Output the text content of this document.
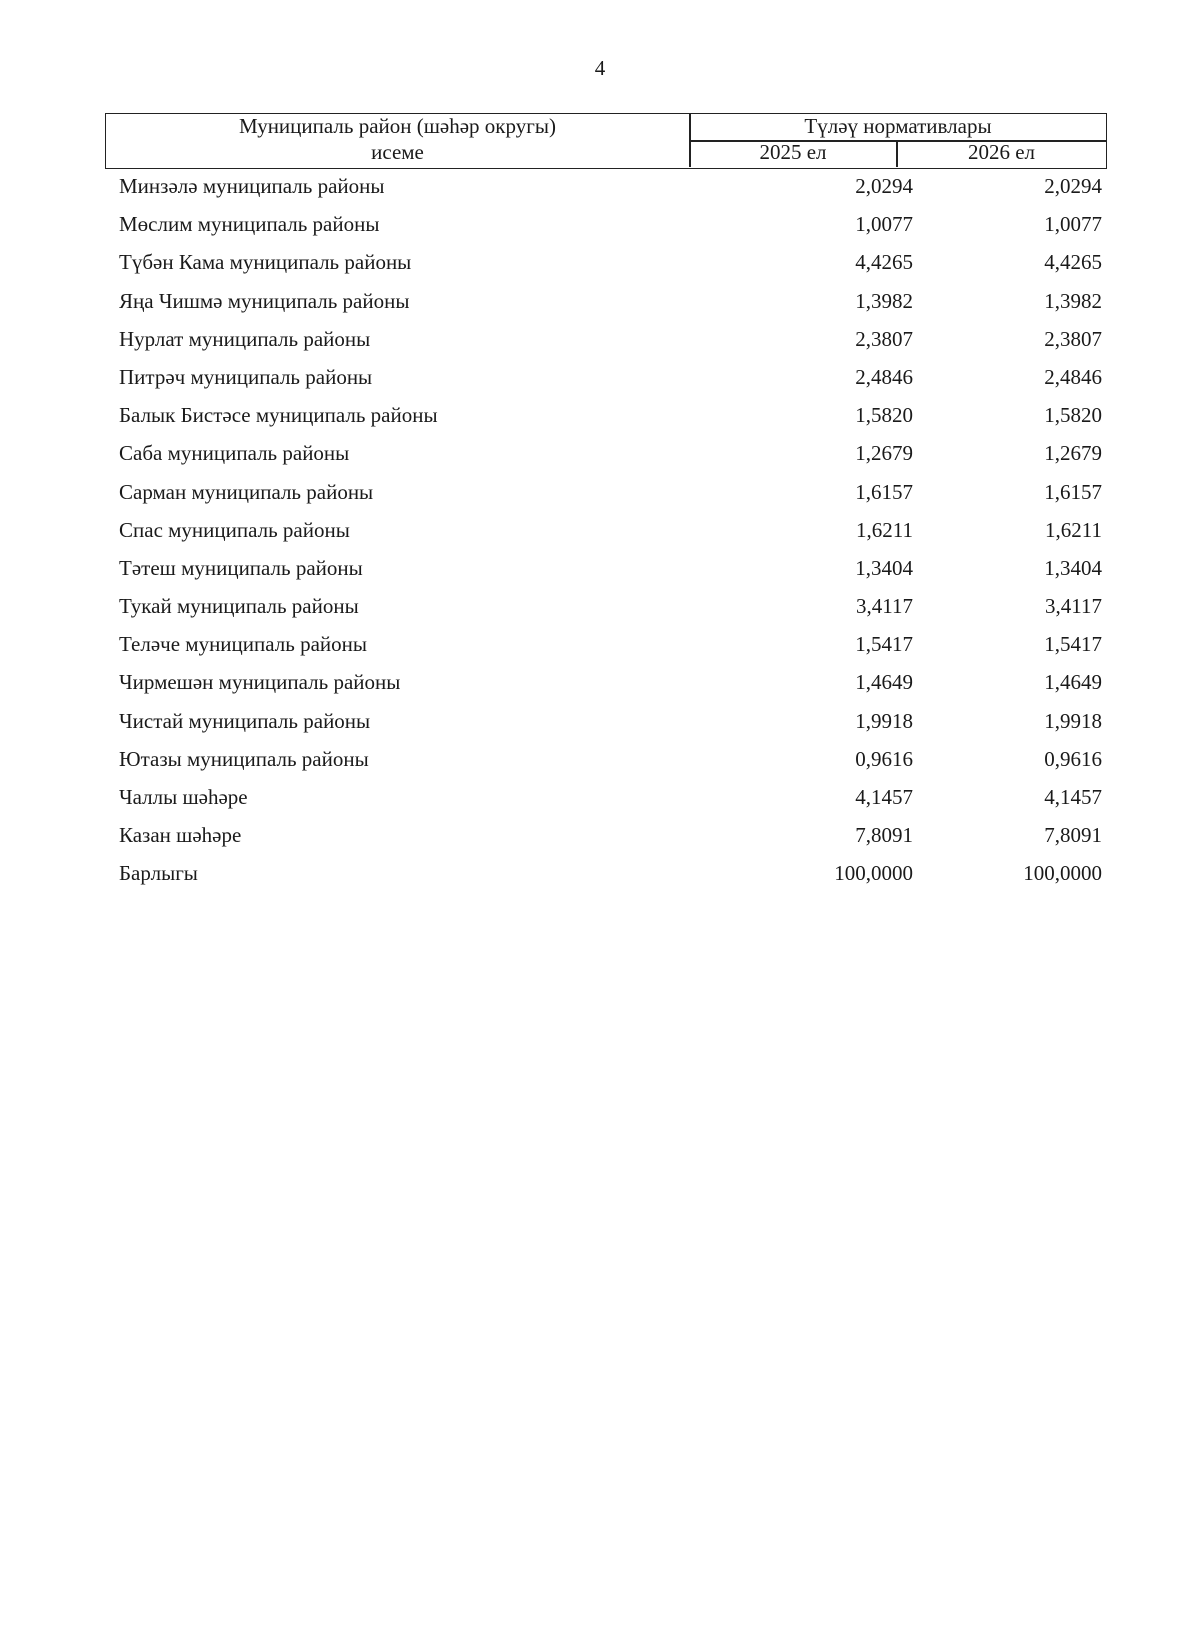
4
Муниципаль район (шәһәр округы)
исеме
Түләү нормативлары
2025 ел	2026 ел
Минзәлә муниципаль районы	2,0294	2,0294
Мөслим муниципаль районы	1,0077	1,0077
Түбән Кама муниципаль районы	4,4265	4,4265
Яңа Чишмә муниципаль районы	1,3982	1,3982
Нурлат муниципаль районы	2,3807	2,3807
Питрәч муниципаль районы	2,4846	2,4846
Балык Бистәсе муниципаль районы	1,5820	1,5820
Саба муниципаль районы	1,2679	1,2679
Сарман муниципаль районы	1,6157	1,6157
Спас муниципаль районы	1,6211	1,6211
Тәтеш муниципаль районы	1,3404	1,3404
Тукай муниципаль районы	3,4117	3,4117
Теләче муниципаль районы	1,5417	1,5417
Чирмешән муниципаль районы	1,4649	1,4649
Чистай муниципаль районы	1,9918	1,9918
Ютазы муниципаль районы	0,9616	0,9616
Чаллы шәһәре	4,1457	4,1457
Казан шәһәре	7,8091	7,8091
Барлыгы	100,0000	100,0000
